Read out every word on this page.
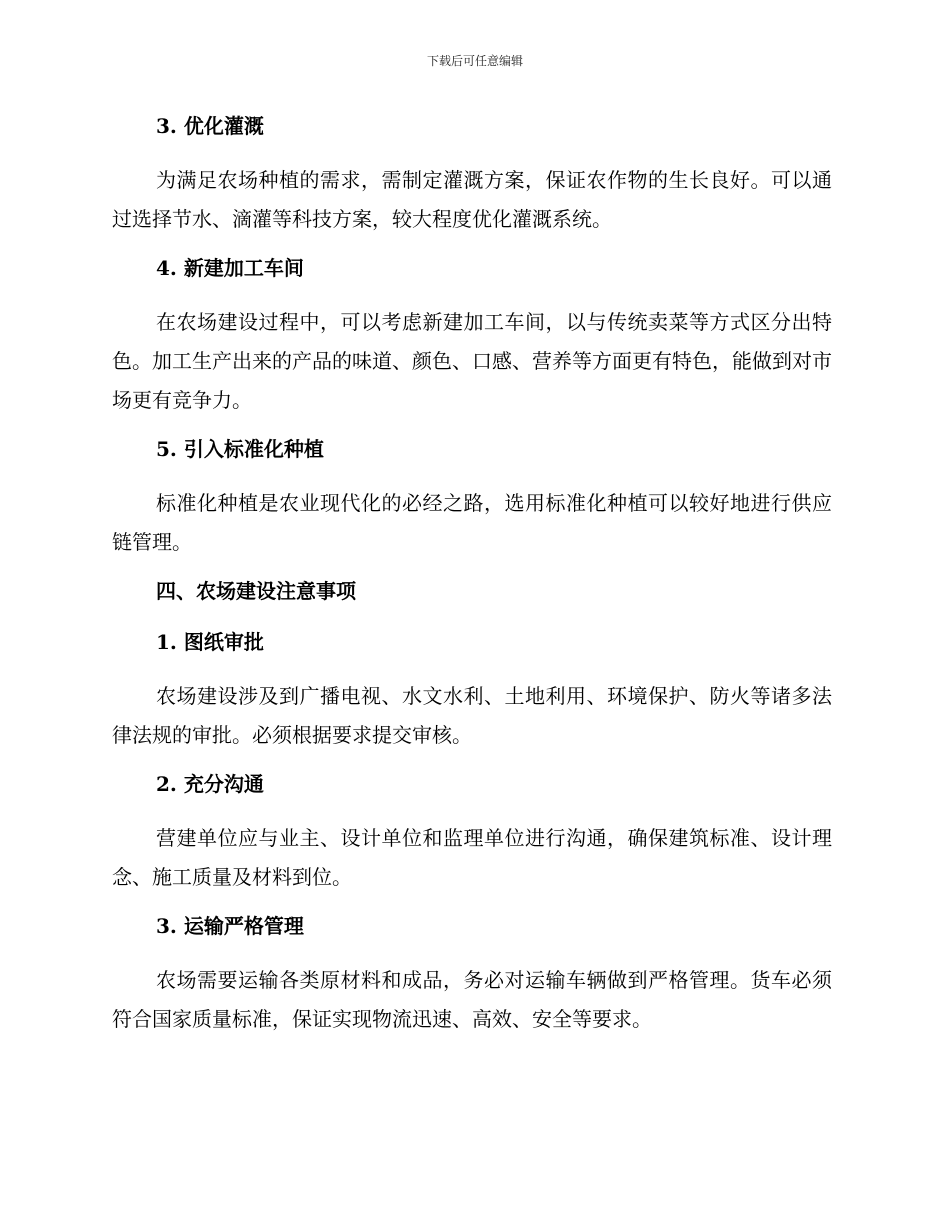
下载后可任意编辑
3. 优化灌溉

为满足农场种植的需求，需制定灌溉方案，保证农作物的生长良好。可以通过选择节水、滴灌等科技方案，较大程度优化灌溉系统。

4. 新建加工车间

在农场建设过程中，可以考虑新建加工车间，以与传统卖菜等方式区分出特色。加工生产出来的产品的味道、颜色、口感、营养等方面更有特色，能做到对市场更有竞争力。

5. 引入标准化种植

标准化种植是农业现代化的必经之路，选用标准化种植可以较好地进行供应链管理。

四、农场建设注意事项
1. 图纸审批

农场建设涉及到广播电视、水文水利、土地利用、环境保护、防火等诸多法律法规的审批。必须根据要求提交审核。

2. 充分沟通

营建单位应与业主、设计单位和监理单位进行沟通，确保建筑标准、设计理念、施工质量及材料到位。

3. 运输严格管理

农场需要运输各类原材料和成品，务必对运输车辆做到严格管理。货车必须符合国家质量标准，保证实现物流迅速、高效、安全等要求。
